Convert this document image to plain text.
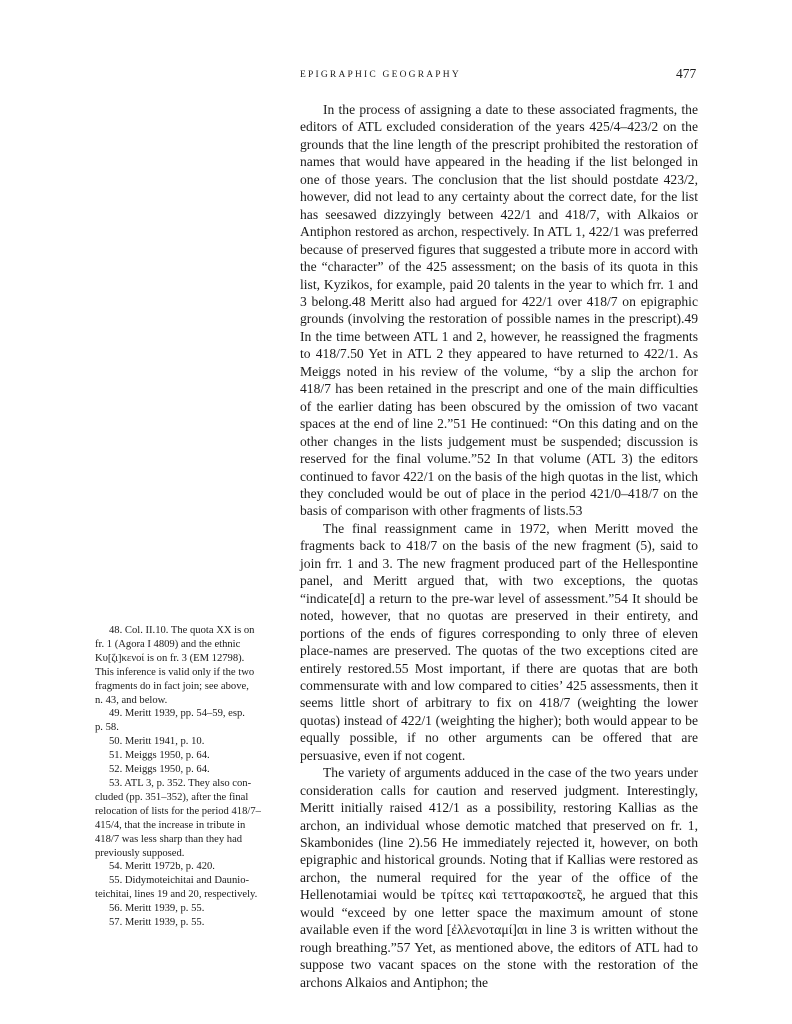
EPIGRAPHIC GEOGRAPHY	477

In the process of assigning a date to these associated fragments, the editors of ATL excluded consideration of the years 425/4–423/2 on the grounds that the line length of the prescript prohibited the restoration of names that would have appeared in the heading if the list belonged in one of those years. The conclusion that the list should postdate 423/2, however, did not lead to any certainty about the correct date, for the list has seesawed dizzyingly between 422/1 and 418/7, with Alkaios or Antiphon restored as archon, respectively. In ATL 1, 422/1 was preferred because of preserved figures that suggested a tribute more in accord with the “character” of the 425 assessment; on the basis of its quota in this list, Kyzikos, for example, paid 20 talents in the year to which frr. 1 and 3 belong.48 Meritt also had argued for 422/1 over 418/7 on epigraphic grounds (involving the restoration of possible names in the prescript).49 In the time between ATL 1 and 2, however, he reassigned the fragments to 418/7.50 Yet in ATL 2 they appeared to have returned to 422/1. As Meiggs noted in his review of the volume, “by a slip the archon for 418/7 has been retained in the prescript and one of the main difficulties of the earlier dating has been obscured by the omission of two vacant spaces at the end of line 2.”51 He continued: “On this dating and on the other changes in the lists judgement must be suspended; discussion is reserved for the final volume.”52 In that volume (ATL 3) the editors continued to favor 422/1 on the basis of the high quotas in the list, which they concluded would be out of place in the period 421/0–418/7 on the basis of comparison with other fragments of lists.53

The final reassignment came in 1972, when Meritt moved the fragments back to 418/7 on the basis of the new fragment (5), said to join frr. 1 and 3. The new fragment produced part of the Hellespontine panel, and Meritt argued that, with two exceptions, the quotas “indicate[d] a return to the pre-war level of assessment.”54 It should be noted, however, that no quotas are preserved in their entirety, and portions of the ends of figures corresponding to only three of eleven place-names are preserved. The quotas of the two exceptions cited are entirely restored.55 Most important, if there are quotas that are both commensurate with and low compared to cities’ 425 assessments, then it seems little short of arbitrary to fix on 418/7 (weighting the lower quotas) instead of 422/1 (weighting the higher); both would appear to be equally possible, if no other arguments can be offered that are persuasive, even if not cogent.

The variety of arguments adduced in the case of the two years under consideration calls for caution and reserved judgment. Interestingly, Meritt initially raised 412/1 as a possibility, restoring Kallias as the archon, an individual whose demotic matched that preserved on fr. 1, Skambonides (line 2).56 He immediately rejected it, however, on both epigraphic and historical grounds. Noting that if Kallias were restored as archon, the numeral required for the year of the office of the Hellenotamiai would be τρίτες καὶ τετταρακοστε̃ς, he argued that this would “exceed by one letter space the maximum amount of stone available even if the word [ἐλλενοταμί]αι in line 3 is written without the rough breathing.”57 Yet, as mentioned above, the editors of ATL had to suppose two vacant spaces on the stone with the restoration of the archons Alkaios and Antiphon; the

48. Col. II.10. The quota XX is on
fr. 1 (Agora I 4809) and the ethnic
Κυ[ζι]κενοί is on fr. 3 (EM 12798).
This inference is valid only if the two
fragments do in fact join; see above,
n. 43, and below.
49. Meritt 1939, pp. 54–59, esp.
p. 58.
50. Meritt 1941, p. 10.
51. Meiggs 1950, p. 64.
52. Meiggs 1950, p. 64.
53. ATL 3, p. 352. They also con-
cluded (pp. 351–352), after the final
relocation of lists for the period 418/7–
415/4, that the increase in tribute in
418/7 was less sharp than they had
previously supposed.
54. Meritt 1972b, p. 420.
55. Didymoteichitai and Daunio-
teichitai, lines 19 and 20, respectively.
56. Meritt 1939, p. 55.
57. Meritt 1939, p. 55.
